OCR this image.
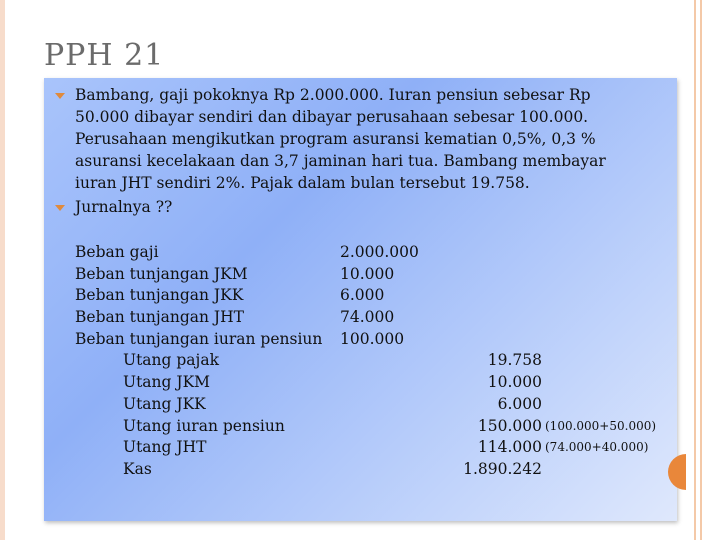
PPH 21
Bambang, gaji pokoknya Rp 2.000.000. Iuran pensiun sebesar Rp 50.000 dibayar sendiri dan dibayar perusahaan sebesar 100.000. Perusahaan mengikutkan program asuransi kematian 0,5%, 0,3 % asuransi kecelakaan dan 3,7 jaminan hari tua. Bambang membayar iuran JHT sendiri 2%. Pajak dalam bulan tersebut 19.758.
Jurnalnya ??
Beban gaji	2.000.000
Beban tunjangan JKM	10.000
Beban tunjangan JKK	6.000
Beban tunjangan JHT	74.000
Beban tunjangan iuran pensiun 100.000
Utang pajak	19.758
Utang JKM	10.000
Utang JKK	6.000
Utang iuran pensiun	150.000 (100.000+50.000)
Utang JHT	114.000 (74.000+40.000)
Kas	1.890.242
